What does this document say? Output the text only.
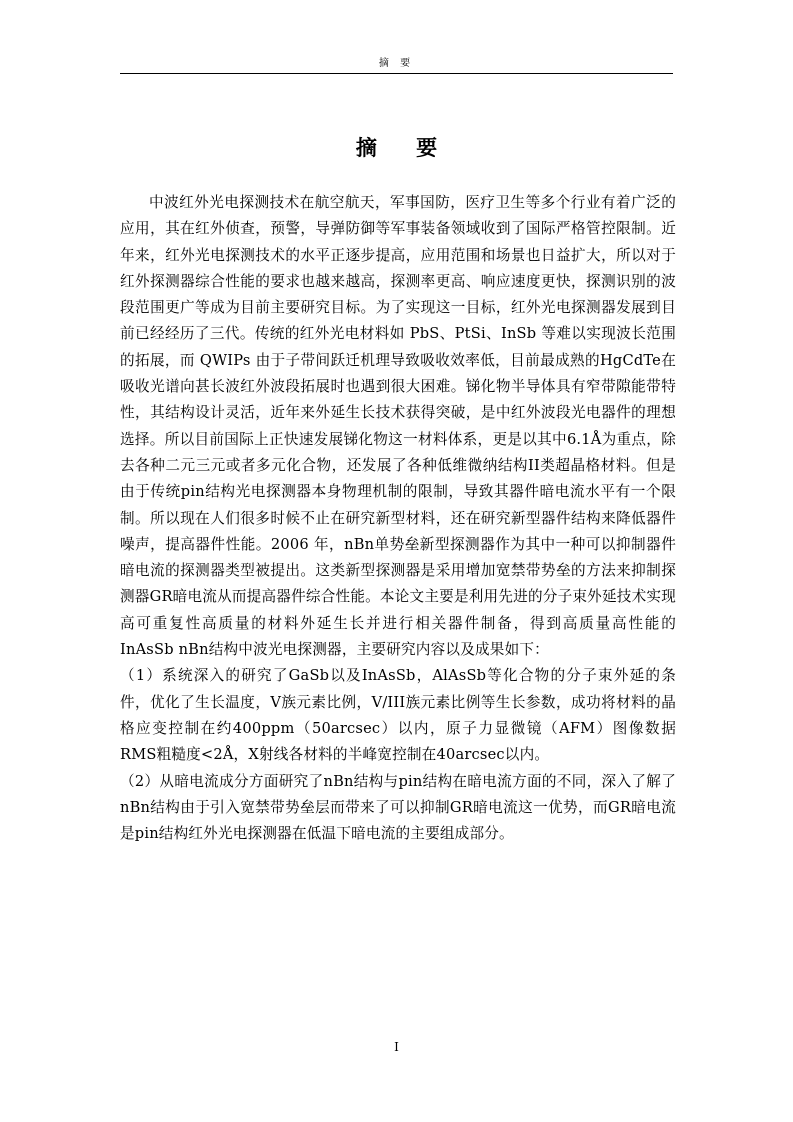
摘 要
摘 要

中波红外光电探测技术在航空航天，军事国防，医疗卫生等多个行业有着广泛的应用，其在红外侦查，预警，导弹防御等军事装备领域收到了国际严格管控限制。近年来，红外光电探测技术的水平正逐步提高，应用范围和场景也日益扩大，所以对于红外探测器综合性能的要求也越来越高，探测率更高、响应速度更快，探测识别的波段范围更广等成为目前主要研究目标。为了实现这一目标，红外光电探测器发展到目前已经经历了三代。传统的红外光电材料如 PbS、PtSi、InSb 等难以实现波长范围的拓展，而 QWIPs 由于子带间跃迁机理导致吸收效率低，目前最成熟的HgCdTe在吸收光谱向甚长波红外波段拓展时也遇到很大困难。锑化物半导体具有窄带隙能带特性，其结构设计灵活，近年来外延生长技术获得突破，是中红外波段光电器件的理想选择。所以目前国际上正快速发展锑化物这一材料体系，更是以其中6.1Å为重点，除去各种二元三元或者多元化合物，还发展了各种低维微纳结构II类超晶格材料。但是由于传统pin结构光电探测器本身物理机制的限制，导致其器件暗电流水平有一个限制。所以现在人们很多时候不止在研究新型材料，还在研究新型器件结构来降低器件噪声，提高器件性能。2006 年，nBn单势垒新型探测器作为其中一种可以抑制器件暗电流的探测器类型被提出。这类新型探测器是采用增加宽禁带势垒的方法来抑制探测器GR暗电流从而提高器件综合性能。本论文主要是利用先进的分子束外延技术实现高可重复性高质量的材料外延生长并进行相关器件制备，得到高质量高性能的InAsSb nBn结构中波光电探测器，主要研究内容以及成果如下：

（1）系统深入的研究了GaSb以及InAsSb，AlAsSb等化合物的分子束外延的条件，优化了生长温度，V族元素比例，V/III族元素比例等生长参数，成功将材料的晶格应变控制在约400ppm（50arcsec）以内，原子力显微镜（AFM）图像数据RMS粗糙度<2Å，X射线各材料的半峰宽控制在40arcsec以内。

（2）从暗电流成分方面研究了nBn结构与pin结构在暗电流方面的不同，深入了解了nBn结构由于引入宽禁带势垒层而带来了可以抑制GR暗电流这一优势，而GR暗电流是pin结构红外光电探测器在低温下暗电流的主要组成部分。

I
